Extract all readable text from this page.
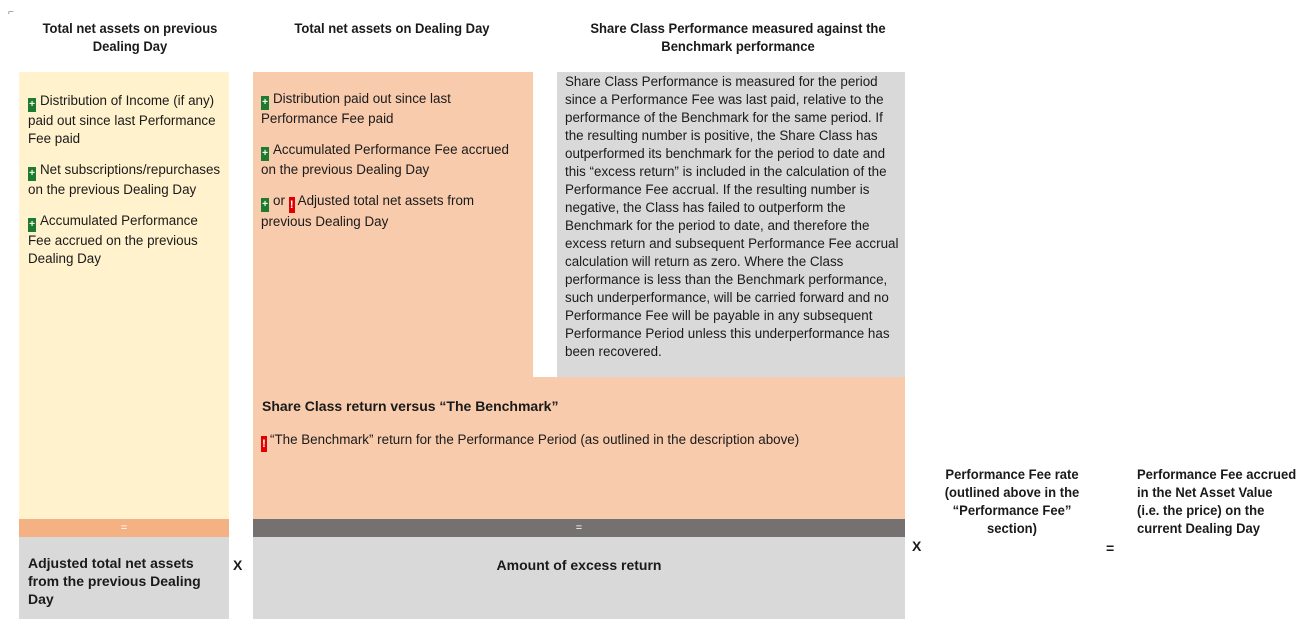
⌐
Total net assets on previous Dealing Day
Total net assets on Dealing Day	Share Class Performance measured against the Benchmark performance
+ Distribution of Income (if any) paid out since last Performance Fee paid
+ Net subscriptions/repurchases on the previous Dealing Day
+ Accumulated Performance Fee accrued on the previous Dealing Day
+ Distribution paid out since last Performance Fee paid
+ Accumulated Performance Fee accrued on the previous Dealing Day
+ or ! Adjusted total net assets from previous Dealing Day
Share Class Performance is measured for the period since a Performance Fee was last paid, relative to the performance of the Benchmark for the same period. If the resulting number is positive, the Share Class has outperformed its benchmark for the period to date and this “excess return” is included in the calculation of the Performance Fee accrual. If the resulting number is negative, the Class has failed to outperform the Benchmark for the period to date, and therefore the excess return and subsequent Performance Fee accrual calculation will return as zero. Where the Class performance is less than the Benchmark performance, such underperformance, will be carried forward and no Performance Fee will be payable in any subsequent Performance Period unless this underperformance has been recovered.
Share Class return versus “The Benchmark”
! “The Benchmark” return for the Performance Period (as outlined in the description above)
=	=
Adjusted total net assets from the previous Dealing Day
Amount of excess return
X
X	=
Performance Fee rate (outlined above in the “Performance Fee” section)
Performance Fee accrued in the Net Asset Value (i.e. the price) on the current Dealing Day
